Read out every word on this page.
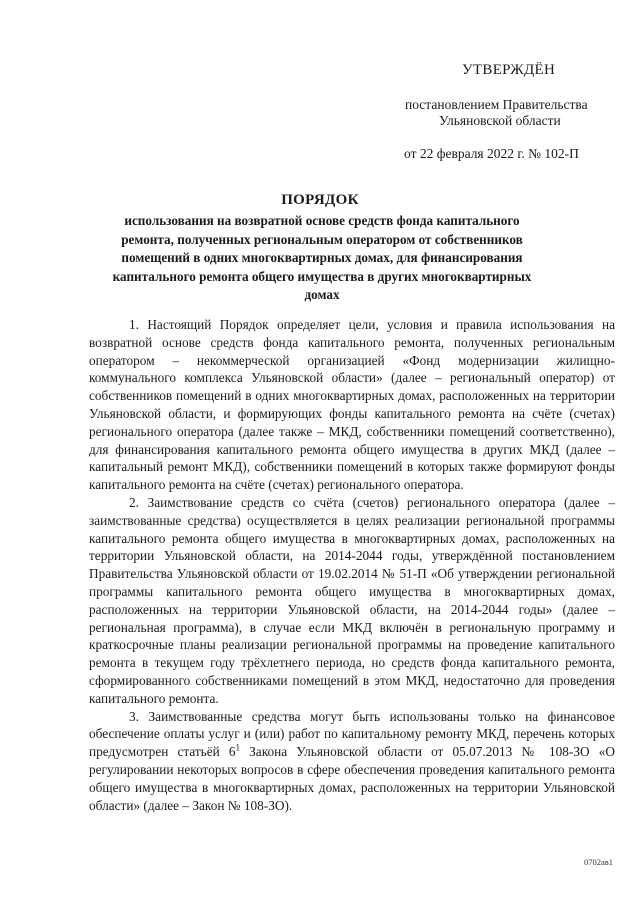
УТВЕРЖДЁН
постановлением Правительства
Ульяновской области
от 22 февраля 2022 г. № 102-П
ПОРЯДОК
использования на возвратной основе средств фонда капитального ремонта, полученных региональным оператором от собственников помещений в одних многоквартирных домах, для финансирования капитального ремонта общего имущества в других многоквартирных домах

1. Настоящий Порядок определяет цели, условия и правила использования на возвратной основе средств фонда капитального ремонта, полученных региональным оператором – некоммерческой организацией «Фонд модернизации жилищно-коммунального комплекса Ульяновской области» (далее – региональный оператор) от собственников помещений в одних многоквартирных домах, расположенных на территории Ульяновской области, и формирующих фонды капитального ремонта на счёте (счетах) регионального оператора (далее также – МКД, собственники помещений соответственно), для финансирования капитального ремонта общего имущества в других МКД (далее – капитальный ремонт МКД), собственники помещений в которых также формируют фонды капитального ремонта на счёте (счетах) регионального оператора.

2. Заимствование средств со счёта (счетов) регионального оператора (далее – заимствованные средства) осуществляется в целях реализации региональной программы капитального ремонта общего имущества в многоквартирных домах, расположенных на территории Ульяновской области, на 2014-2044 годы, утверждённой постановлением Правительства Ульяновской области от 19.02.2014 № 51-П «Об утверждении региональной программы капитального ремонта общего имущества в многоквартирных домах, расположенных на территории Ульяновской области, на 2014-2044 годы» (далее – региональная программа), в случае если МКД включён в региональную программу и краткосрочные планы реализации региональной программы на проведение капитального ремонта в текущем году трёхлетнего периода, но средств фонда капитального ремонта, сформированного собственниками помещений в этом МКД, недостаточно для проведения капитального ремонта.

3. Заимствованные средства могут быть использованы только на финансовое обеспечение оплаты услуг и (или) работ по капитальному ремонту МКД, перечень которых предусмотрен статьёй $6^1$ Закона Ульяновской области от 05.07.2013 № 108-ЗО «О регулировании некоторых вопросов в сфере обеспечения проведения капитального ремонта общего имущества в многоквартирных домах, расположенных на территории Ульяновской области» (далее – Закон № 108-ЗО).

0702ав1
